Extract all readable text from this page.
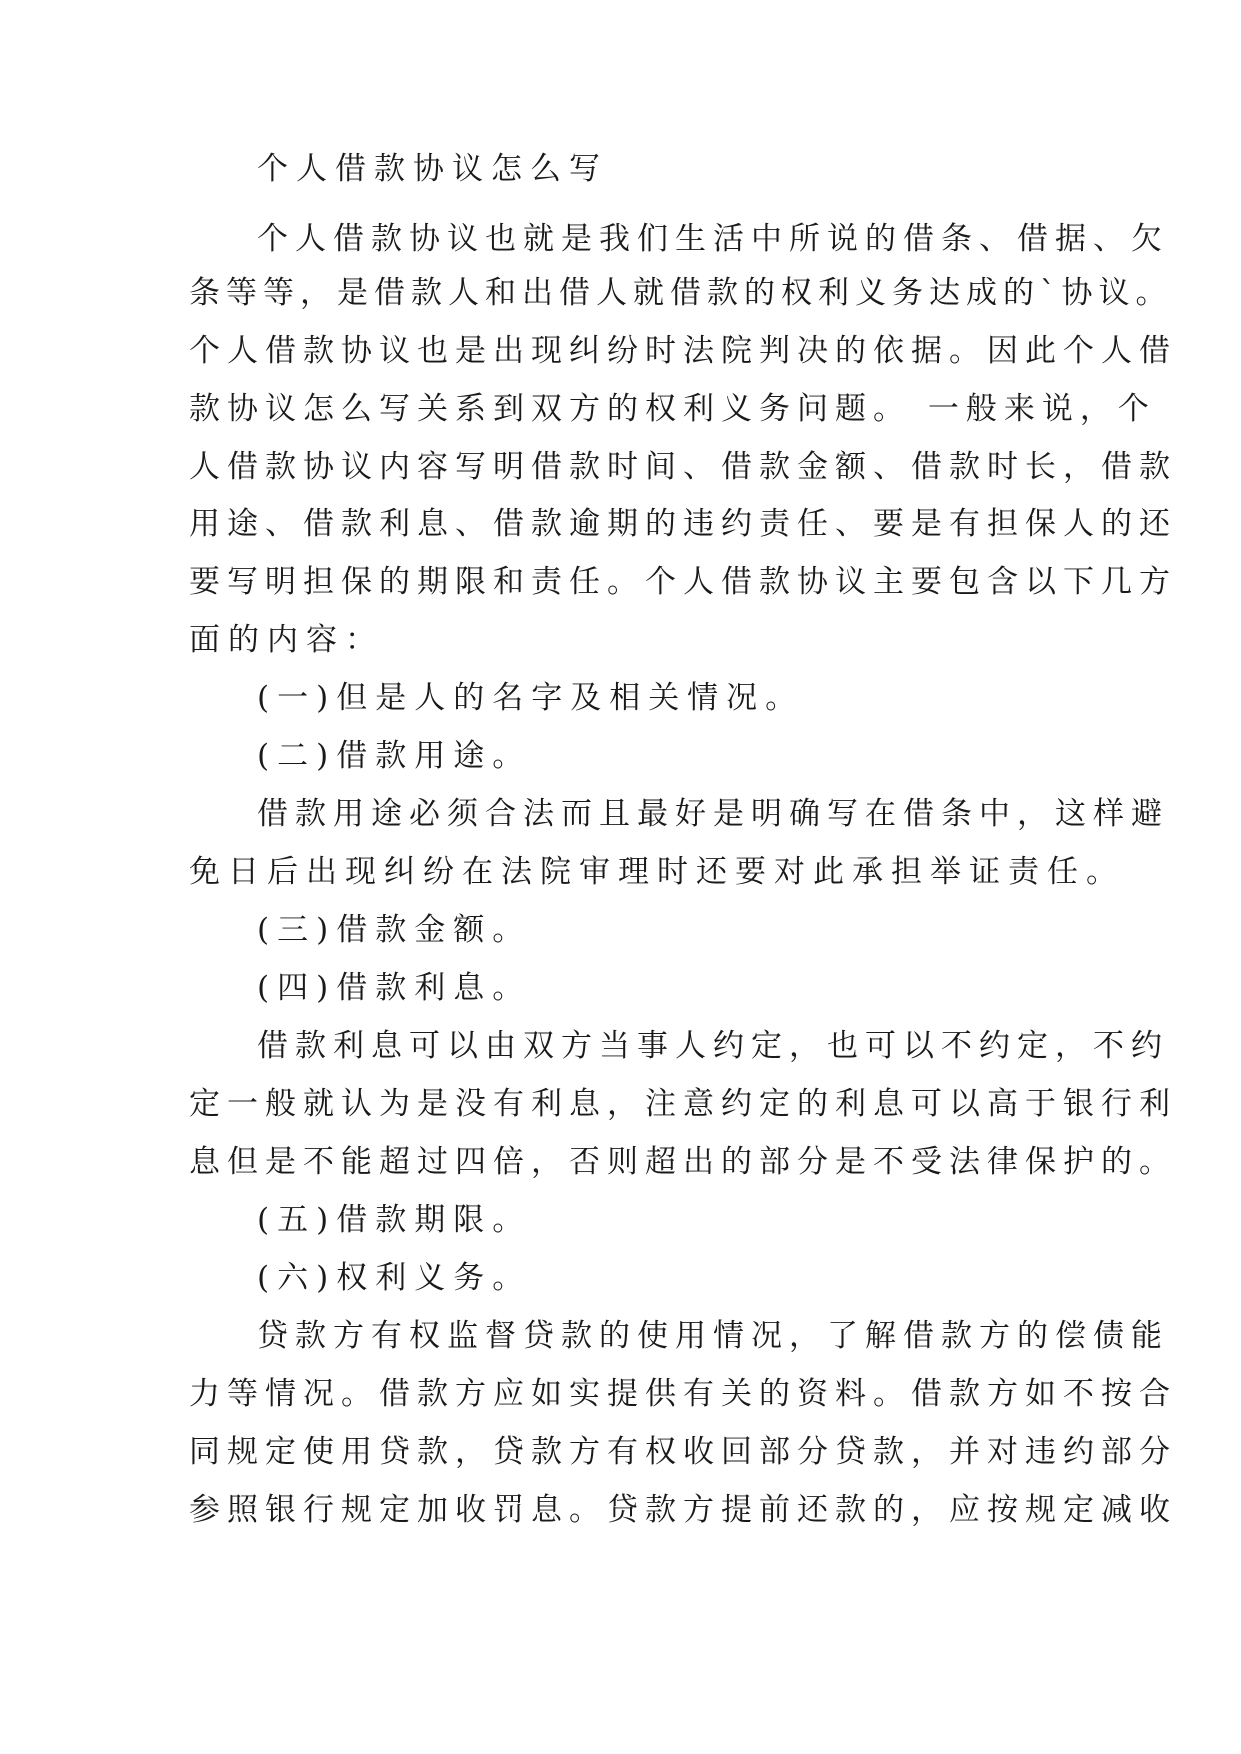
个人借款协议怎么写
个人借款协议也就是我们生活中所说的借条、借据、欠
条等等，是借款人和出借人就借款的权利义务达成的`协议。
个人借款协议也是出现纠纷时法院判决的依据。因此个人借
款协议怎么写关系到双方的权利义务问题。 一般来说，个
人借款协议内容写明借款时间、借款金额、借款时长，借款
用途、借款利息、借款逾期的违约责任、要是有担保人的还
要写明担保的期限和责任。个人借款协议主要包含以下几方
面的内容：
(一)但是人的名字及相关情况。
(二)借款用途。
借款用途必须合法而且最好是明确写在借条中，这样避
免日后出现纠纷在法院审理时还要对此承担举证责任。
(三)借款金额。
(四)借款利息。
借款利息可以由双方当事人约定，也可以不约定，不约
定一般就认为是没有利息，注意约定的利息可以高于银行利
息但是不能超过四倍，否则超出的部分是不受法律保护的。
(五)借款期限。
(六)权利义务。
贷款方有权监督贷款的使用情况，了解借款方的偿债能
力等情况。借款方应如实提供有关的资料。借款方如不按合
同规定使用贷款，贷款方有权收回部分贷款，并对违约部分
参照银行规定加收罚息。贷款方提前还款的，应按规定减收
